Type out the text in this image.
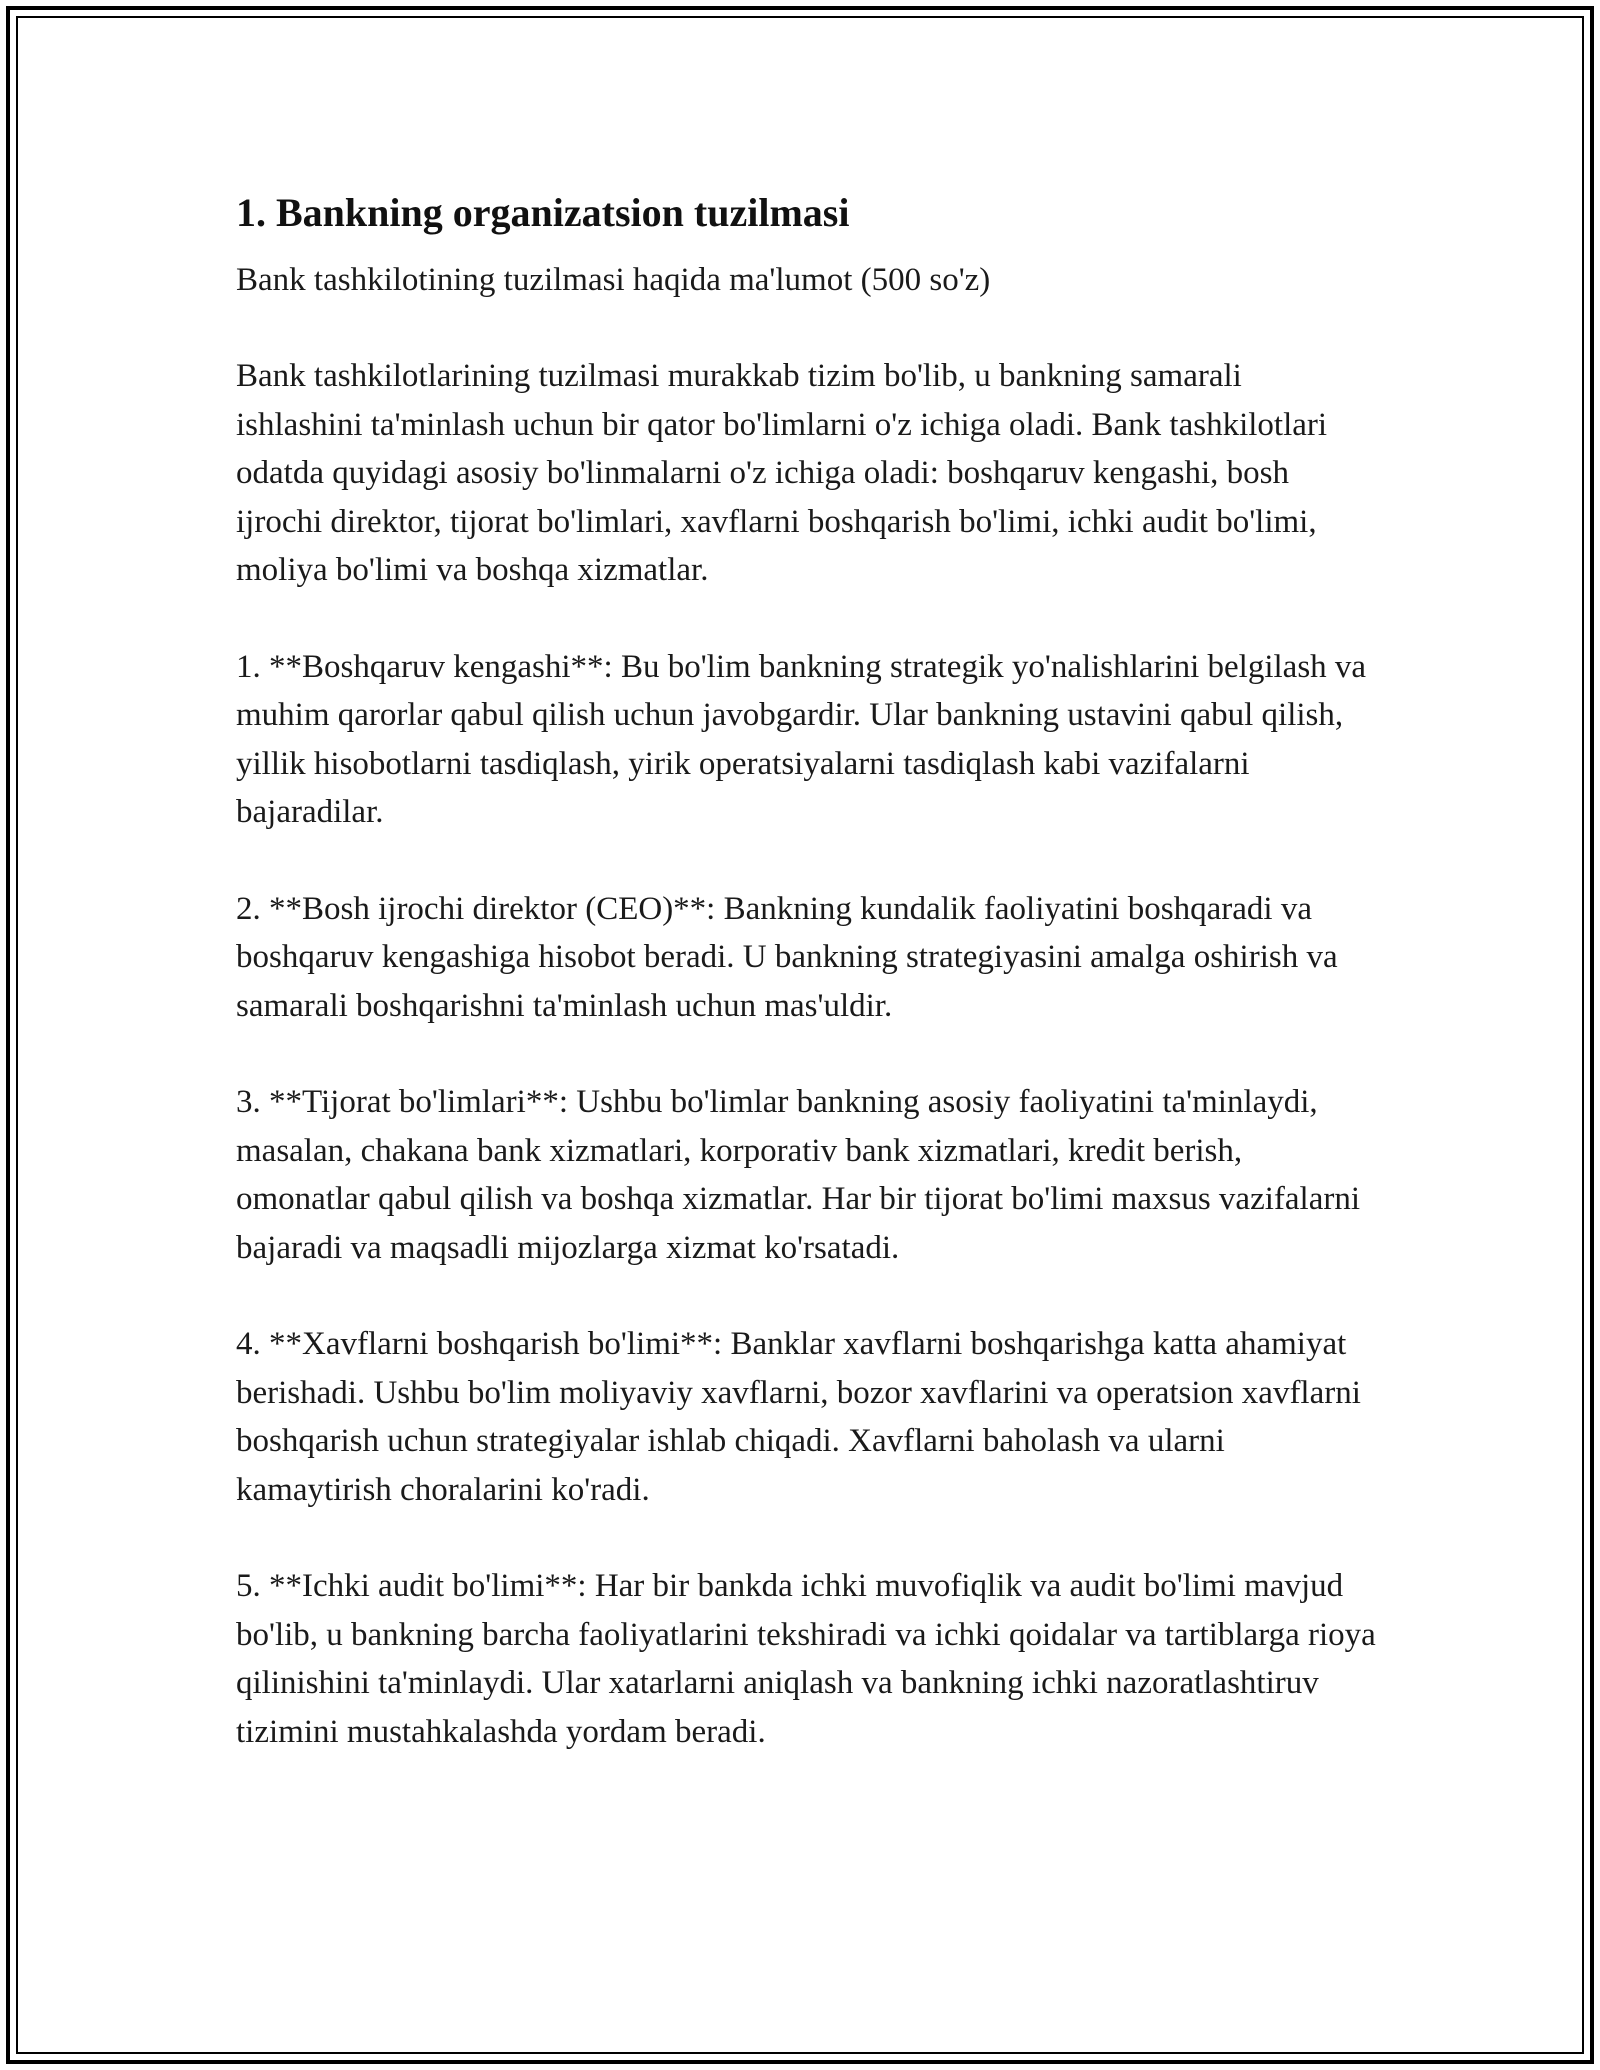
1. Bankning organizatsion tuzilmasi

Bank tashkilotining tuzilmasi haqida ma'lumot (500 so'z)

Bank tashkilotlarining tuzilmasi murakkab tizim bo'lib, u bankning samarali ishlashini ta'minlash uchun bir qator bo'limlarni o'z ichiga oladi. Bank tashkilotlari odatda quyidagi asosiy bo'linmalarni o'z ichiga oladi: boshqaruv kengashi, bosh ijrochi direktor, tijorat bo'limlari, xavflarni boshqarish bo'limi, ichki audit bo'limi, moliya bo'limi va boshqa xizmatlar.

1. **Boshqaruv kengashi**: Bu bo'lim bankning strategik yo'nalishlarini belgilash va muhim qarorlar qabul qilish uchun javobgardir. Ular bankning ustavini qabul qilish, yillik hisobotlarni tasdiqlash, yirik operatsiyalarni tasdiqlash kabi vazifalarni bajaradilar.

2. **Bosh ijrochi direktor (CEO)**: Bankning kundalik faoliyatini boshqaradi va boshqaruv kengashiga hisobot beradi. U bankning strategiyasini amalga oshirish va samarali boshqarishni ta'minlash uchun mas'uldir.

3. **Tijorat bo'limlari**: Ushbu bo'limlar bankning asosiy faoliyatini ta'minlaydi, masalan, chakana bank xizmatlari, korporativ bank xizmatlari, kredit berish, omonatlar qabul qilish va boshqa xizmatlar. Har bir tijorat bo'limi maxsus vazifalarni bajaradi va maqsadli mijozlarga xizmat ko'rsatadi.

4. **Xavflarni boshqarish bo'limi**: Banklar xavflarni boshqarishga katta ahamiyat berishadi. Ushbu bo'lim moliyaviy xavflarni, bozor xavflarini va operatsion xavflarni boshqarish uchun strategiyalar ishlab chiqadi. Xavflarni baholash va ularni kamaytirish choralarini ko'radi.

5. **Ichki audit bo'limi**: Har bir bankda ichki muvofiqlik va audit bo'limi mavjud bo'lib, u bankning barcha faoliyatlarini tekshiradi va ichki qoidalar va tartiblarga rioya qilinishini ta'minlaydi. Ular xatarlarni aniqlash va bankning ichki nazoratlashtiruv tizimini mustahkalashda yordam beradi.
